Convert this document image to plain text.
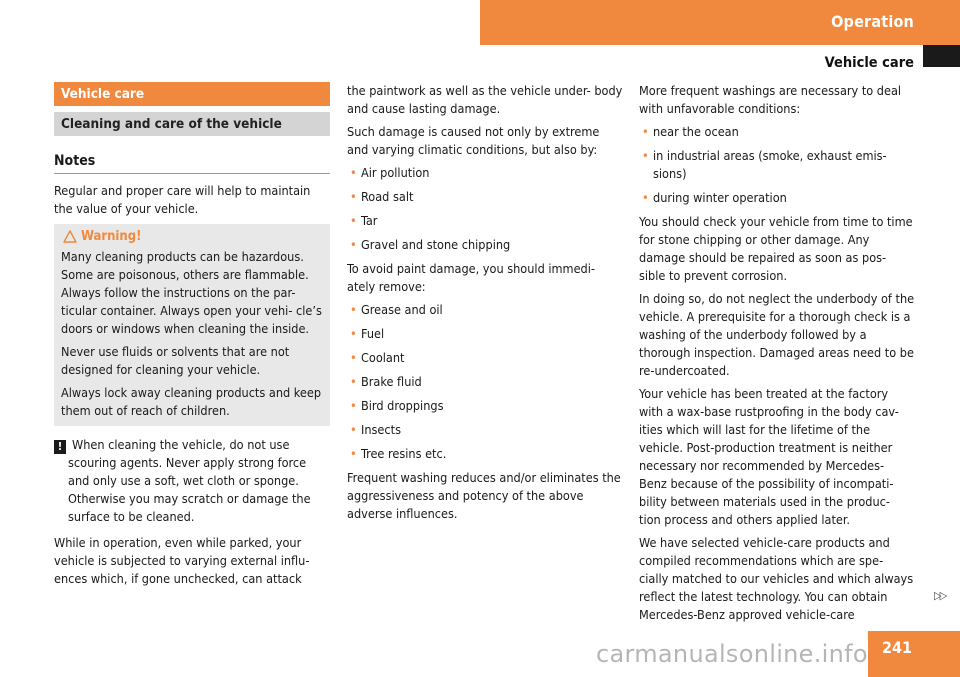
Operation
Vehicle care
Vehicle care
Cleaning and care of the vehicle
Notes

Regular and proper care will help to maintain the value of your vehicle.

Warning!

Many cleaning products can be hazardous. Some are poisonous, others are flammable. Always follow the instructions on the par- ticular container. Always open your vehi- cle’s doors or windows when cleaning the inside.

Never use fluids or solvents that are not designed for cleaning your vehicle.

Always lock away cleaning products and keep them out of reach of children.

! When cleaning the vehicle, do not use scouring agents. Never apply strong force and only use a soft, wet cloth or sponge. Otherwise you may scratch or damage the surface to be cleaned.

While in operation, even while parked, your vehicle is subjected to varying external influ- ences which, if gone unchecked, can attack

the paintwork as well as the vehicle under- body and cause lasting damage.

Such damage is caused not only by extreme and varying climatic conditions, but also by:

• Air pollution
• Road salt
• Tar
• Gravel and stone chipping

To avoid paint damage, you should immedi- ately remove:

• Grease and oil
• Fuel
• Coolant
• Brake fluid
• Bird droppings
• Insects
• Tree resins etc.

Frequent washing reduces and/or eliminates the aggressiveness and potency of the above adverse influences.

More frequent washings are necessary to deal with unfavorable conditions:

• near the ocean
• in industrial areas (smoke, exhaust emis- sions)
• during winter operation

You should check your vehicle from time to time for stone chipping or other damage. Any damage should be repaired as soon as pos- sible to prevent corrosion.

In doing so, do not neglect the underbody of the vehicle. A prerequisite for a thorough check is a washing of the underbody followed by a thorough inspection. Damaged areas need to be re-undercoated.

Your vehicle has been treated at the factory with a wax-base rustproofing in the body cav- ities which will last for the lifetime of the vehicle. Post-production treatment is neither necessary nor recommended by Mercedes- Benz because of the possibility of incompati- bility between materials used in the produc- tion process and others applied later.

We have selected vehicle-care products and compiled recommendations which are spe- cially matched to our vehicles and which always reflect the latest technology. You can obtain Mercedes-Benz approved vehicle-care

▷▷
241
carmanualsonline.info
